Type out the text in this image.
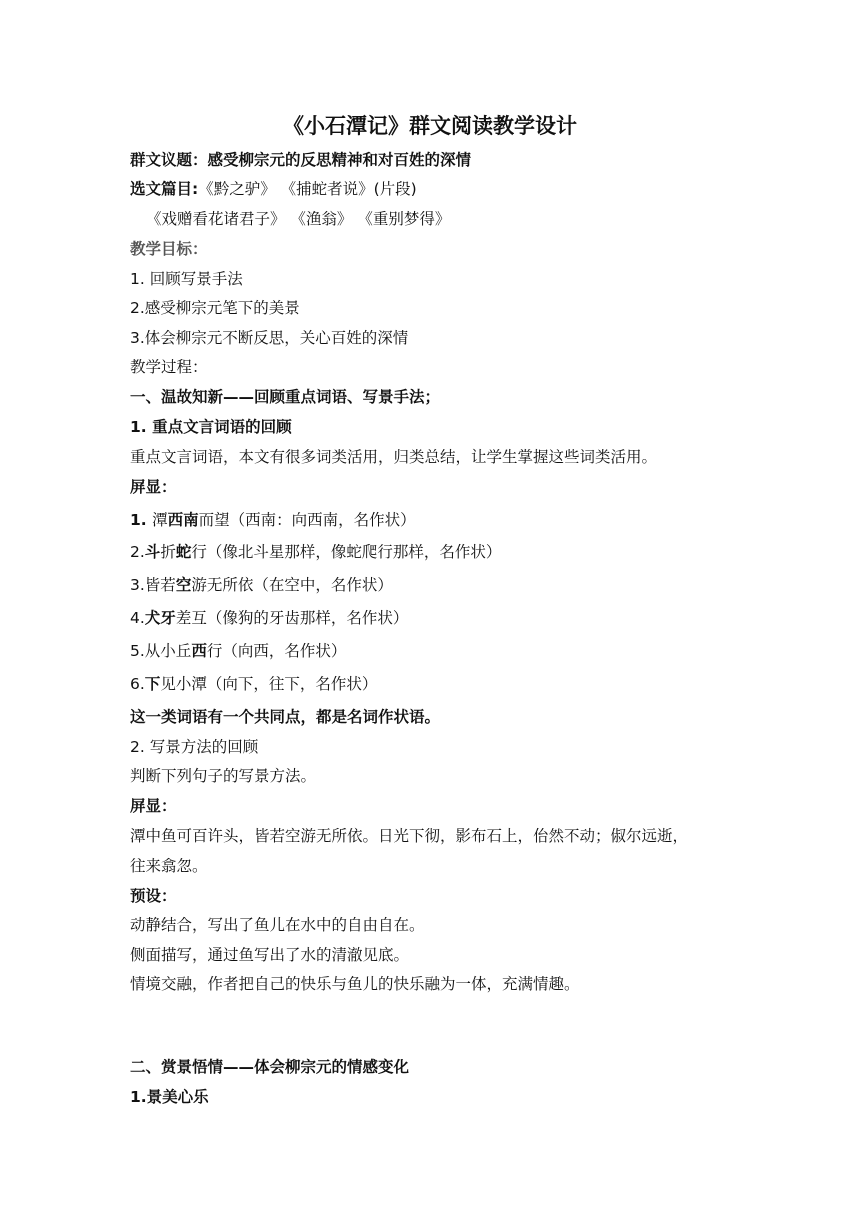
《小石潭记》群文阅读教学设计
群文议题：感受柳宗元的反思精神和对百姓的深情
选文篇目:《黔之驴》 《捕蛇者说》(片段)
《戏赠看花诸君子》 《渔翁》 《重别梦得》
教学目标：
1. 回顾写景手法
2.感受柳宗元笔下的美景
3.体会柳宗元不断反思，关心百姓的深情
教学过程：
一、温故知新——回顾重点词语、写景手法；
1. 重点文言词语的回顾
重点文言词语，本文有很多词类活用，归类总结，让学生掌握这些词类活用。
屏显：
1. 潭西南而望（西南：向西南，名作状）
2.斗折蛇行（像北斗星那样，像蛇爬行那样，名作状）
3.皆若空游无所依（在空中，名作状）
4.犬牙差互（像狗的牙齿那样，名作状）
5.从小丘西行（向西，名作状）
6.下见小潭（向下，往下，名作状）
这一类词语有一个共同点，都是名词作状语。
2. 写景方法的回顾
判断下列句子的写景方法。
屏显：
潭中鱼可百许头，皆若空游无所依。日光下彻，影布石上，佁然不动；俶尔远逝，
往来翕忽。
预设：
动静结合，写出了鱼儿在水中的自由自在。
侧面描写，通过鱼写出了水的清澈见底。
情境交融，作者把自己的快乐与鱼儿的快乐融为一体，充满情趣。
二、赏景悟情——体会柳宗元的情感变化
1.景美心乐
